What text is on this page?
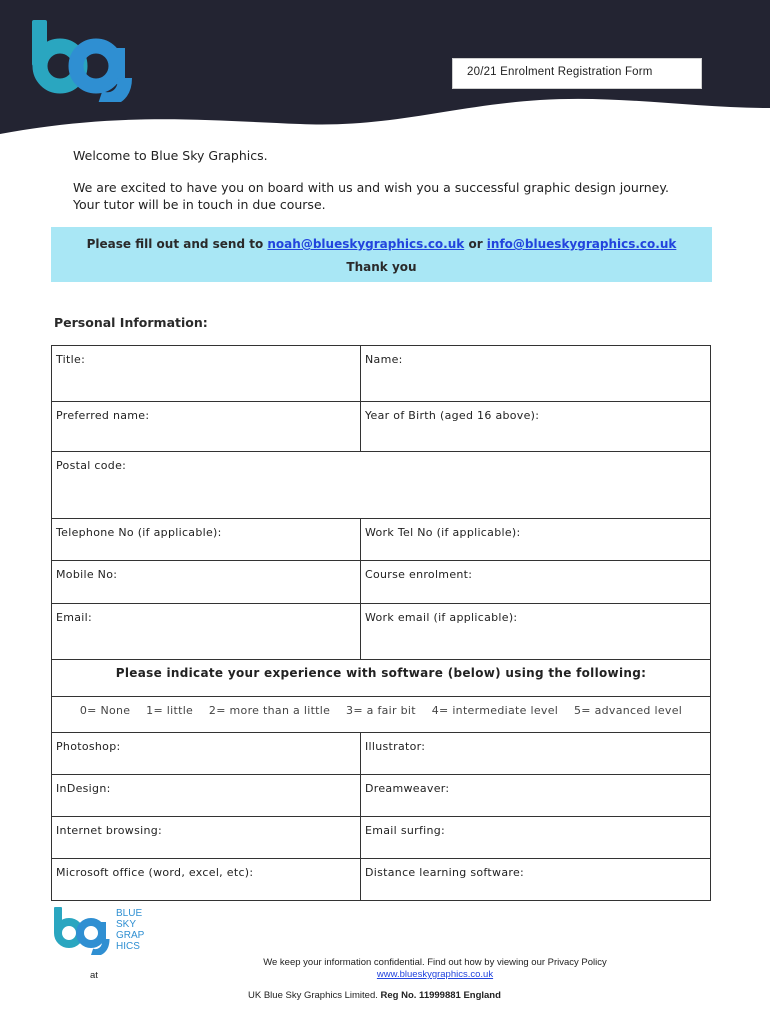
20/21 Enrolment Registration Form
Welcome to Blue Sky Graphics.

We are excited to have you on board with us and wish you a successful graphic design journey.

Your tutor will be in touch in due course.

Please fill out and send to noah@blueskygraphics.co.uk or info@blueskygraphics.co.uk
Thank you
Personal Information:
Title:	Name:
Preferred name:	Year of Birth (aged 16 above):
Postal code:	
Telephone No (if applicable):	Work Tel No (if applicable):
Mobile No:	Course enrolment:
Email:	Work email (if applicable):
Please indicate your experience with software (below) using the following:	
0= None 1= little 2= more than a little 3= a fair bit 4= intermediate level 5= advanced level	
Photoshop:	Illustrator:
InDesign:	Dreamweaver:
Internet browsing:	Email surfing:
Microsoft office (word, excel, etc):	Distance learning software:
BLUE
SKY
GRAP
HICS
at
We keep your information confidential. Find out how by viewing our Privacy Policy
www.blueskygraphics.co.uk
UK Blue Sky Graphics Limited. Reg No. 11999881 England
